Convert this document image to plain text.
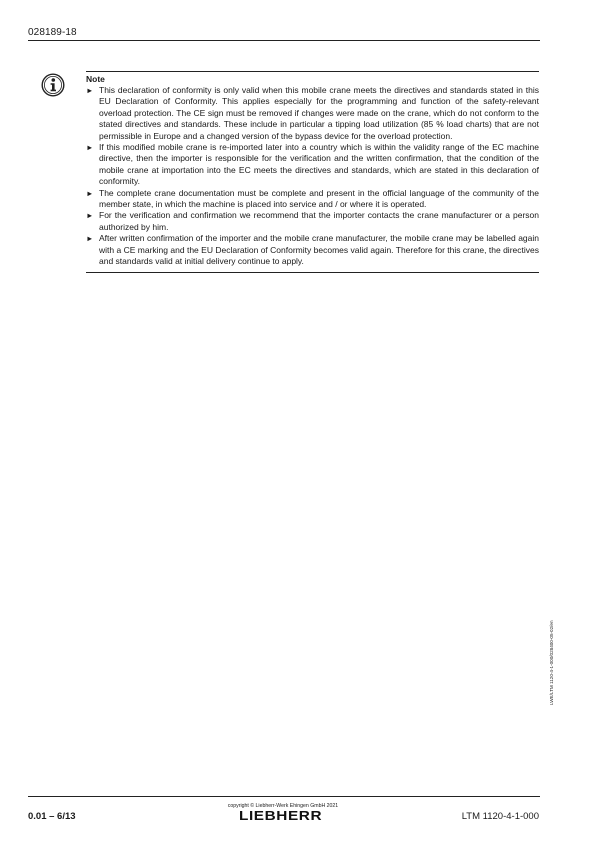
028189-18
Note
► This declaration of conformity is only valid when this mobile crane meets the directives and standards stated in this EU Declaration of Conformity. This applies especially for the programming and function of the safety-relevant overload protection. The CE sign must be removed if changes were made on the crane, which do not conform to the stated directives and standards. These include in particular a tipping load utilization (85 % load charts) that are not permissible in Europe and a changed version of the bypass device for the overload protection.
► If this modified mobile crane is re-imported later into a country which is within the validity range of the EC machine directive, then the importer is responsible for the verification and the written confirmation, that the condition of the mobile crane at importation into the EC meets the directives and standards, which are stated in this declaration of conformity.
► The complete crane documentation must be complete and present in the official language of the community of the member state, in which the machine is placed into service and / or where it is operated.
► For the verification and confirmation we recommend that the importer contacts the crane manufacturer or a person authorized by him.
► After written confirmation of the importer and the mobile crane manufacturer, the mobile crane may be labelled again with a CE marking and the EU Declaration of Conformity becomes valid again. Therefore for this crane, the directives and standards valid at initial delivery continue to apply.
LWE/LTM 1120-4-1-000/028400-05-02/en
0.01 – 6/13
copyright © Liebherr-Werk Ehingen GmbH 2021
LIEBHERR	LTM 1120-4-1-000
